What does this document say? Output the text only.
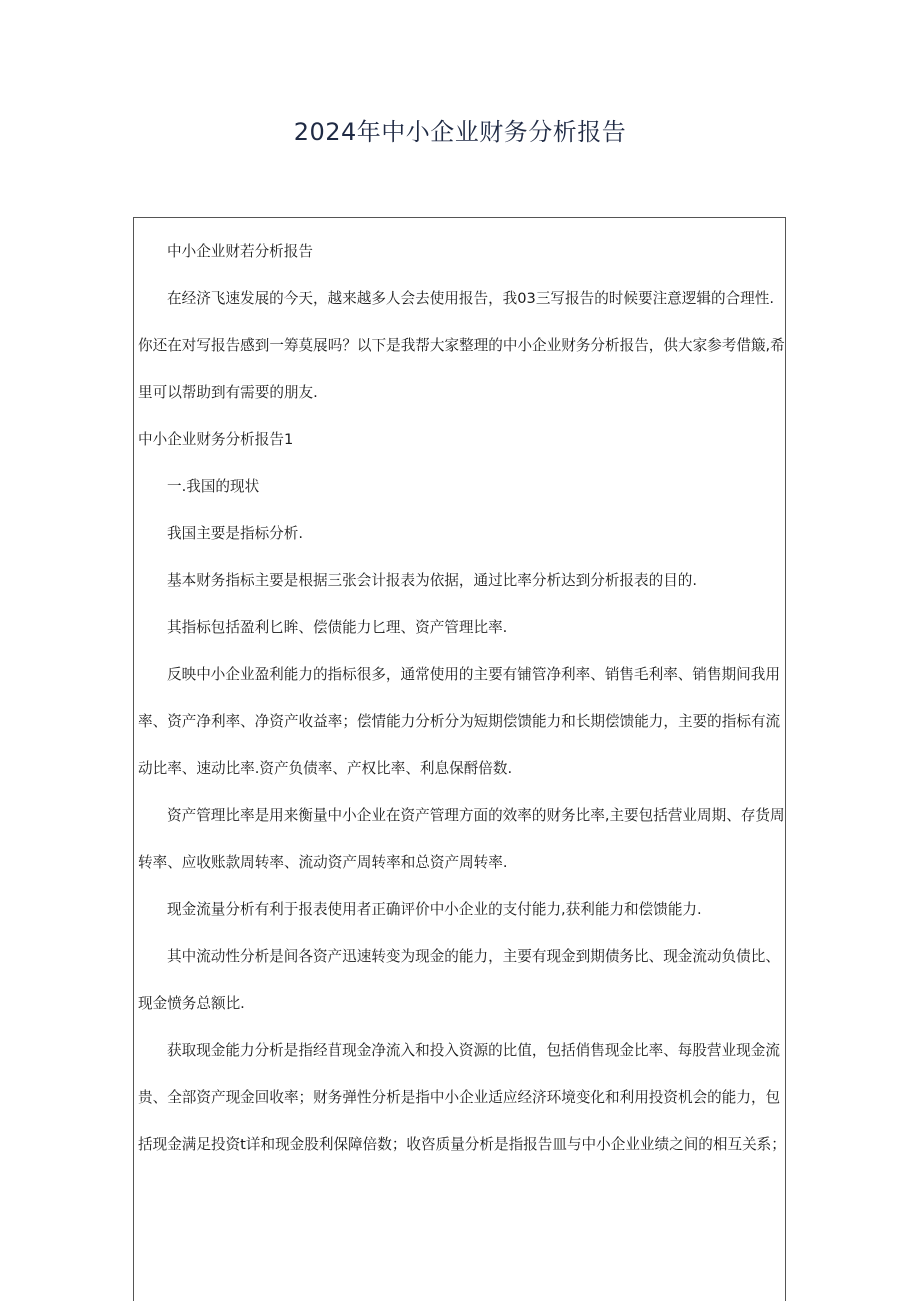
2024年中小企业财务分析报告

中小企业财若分析报告

在经济飞速发展的今天，越来越多人会去使用报告，我03三写报告的时候要注意逻辑的合理性.你还在对写报告感到一筹莫展吗？以下是我帮大家整理的中小企业财务分析报告，供大家参考借簸,希里可以帮助到有需要的朋友.

中小企业财务分析报告1

一.我国的现状

我国主要是指标分析.

基本财务指标主要是根据三张会计报表为依据，通过比率分析达到分析报表的目的.

其指标包括盈利匕眸、偿债能力匕理、资产管理比率.

反映中小企业盈利能力的指标很多，通常使用的主要有铺管净利率、销售毛利率、销售期间我用率、资产净利率、净资产收益率；偿情能力分析分为短期偿馈能力和长期偿馈能力，主要的指标有流动比率、速动比率.资产负债率、产权比率、利息保酹倍数.

资产管理比率是用来衡量中小企业在资产管理方面的效率的财务比率,主要包括营业周期、存货周转率、应收账款周转率、流动资产周转率和总资产周转率.

现金流量分析有利于报表使用者正确评价中小企业的支付能力,获利能力和偿馈能力.

其中流动性分析是间各资产迅速转变为现金的能力，主要有现金到期债务比、现金流动负债比、现金愤务总额比.

获取现金能力分析是指经苜现金净流入和投入资源的比值，包括俏售现金比率、每股营业现金流贵、全部资产现金回收率；财务弹性分析是指中小企业适应经济环境变化和利用投资机会的能力，包括现金满足投资t详和现金股利保障倍数；收咨质量分析是指报告皿与中小企业业绩之间的相互关系；
